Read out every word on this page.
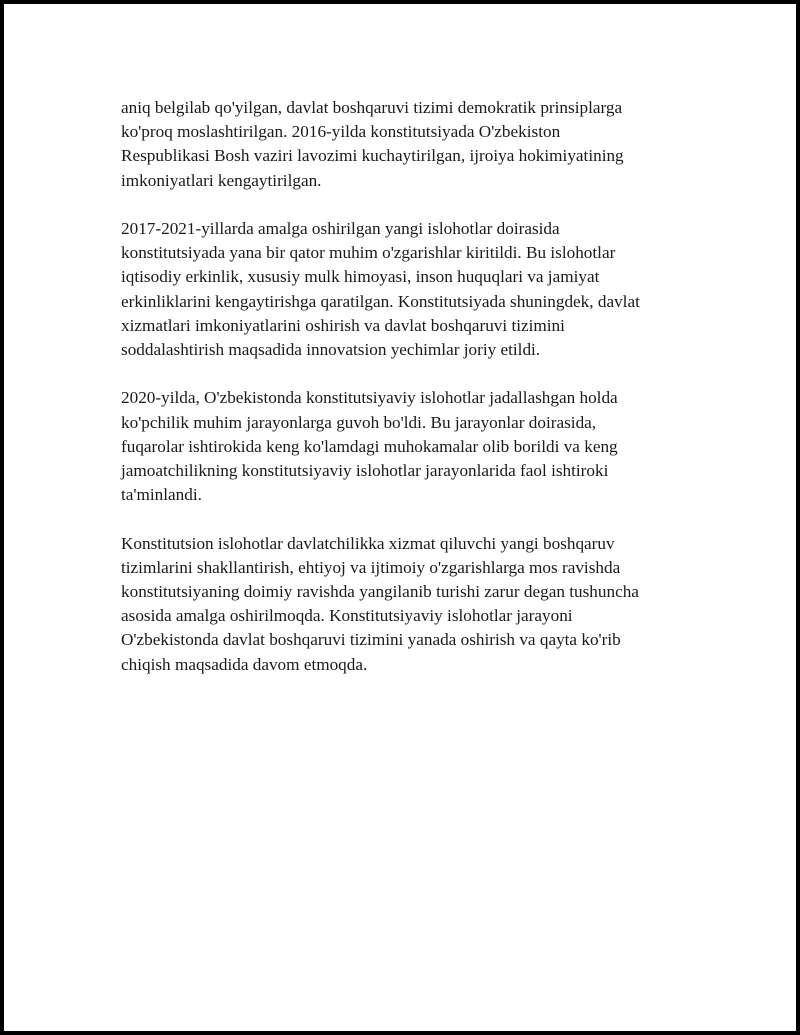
aniq belgilab qo'yilgan, davlat boshqaruvi tizimi demokratik prinsiplarga
ko'proq moslashtirilgan. 2016-yilda konstitutsiyada O'zbekiston
Respublikasi Bosh vaziri lavozimi kuchaytirilgan, ijroiya hokimiyatining
imkoniyatlari kengaytirilgan.

2017-2021-yillarda amalga oshirilgan yangi islohotlar doirasida
konstitutsiyada yana bir qator muhim o'zgarishlar kiritildi. Bu islohotlar
iqtisodiy erkinlik, xususiy mulk himoyasi, inson huquqlari va jamiyat
erkinliklarini kengaytirishga qaratilgan. Konstitutsiyada shuningdek, davlat
xizmatlari imkoniyatlarini oshirish va davlat boshqaruvi tizimini
soddalashtirish maqsadida innovatsion yechimlar joriy etildi.

2020-yilda, O'zbekistonda konstitutsiyaviy islohotlar jadallashgan holda
ko'pchilik muhim jarayonlarga guvoh bo'ldi. Bu jarayonlar doirasida,
fuqarolar ishtirokida keng ko'lamdagi muhokamalar olib borildi va keng
jamoatchilikning konstitutsiyaviy islohotlar jarayonlarida faol ishtiroki
ta'minlandi.

Konstitutsion islohotlar davlatchilikka xizmat qiluvchi yangi boshqaruv
tizimlarini shakllantirish, ehtiyoj va ijtimoiy o'zgarishlarga mos ravishda
konstitutsiyaning doimiy ravishda yangilanib turishi zarur degan tushuncha
asosida amalga oshirilmoqda. Konstitutsiyaviy islohotlar jarayoni
O'zbekistonda davlat boshqaruvi tizimini yanada oshirish va qayta ko'rib
chiqish maqsadida davom etmoqda.
